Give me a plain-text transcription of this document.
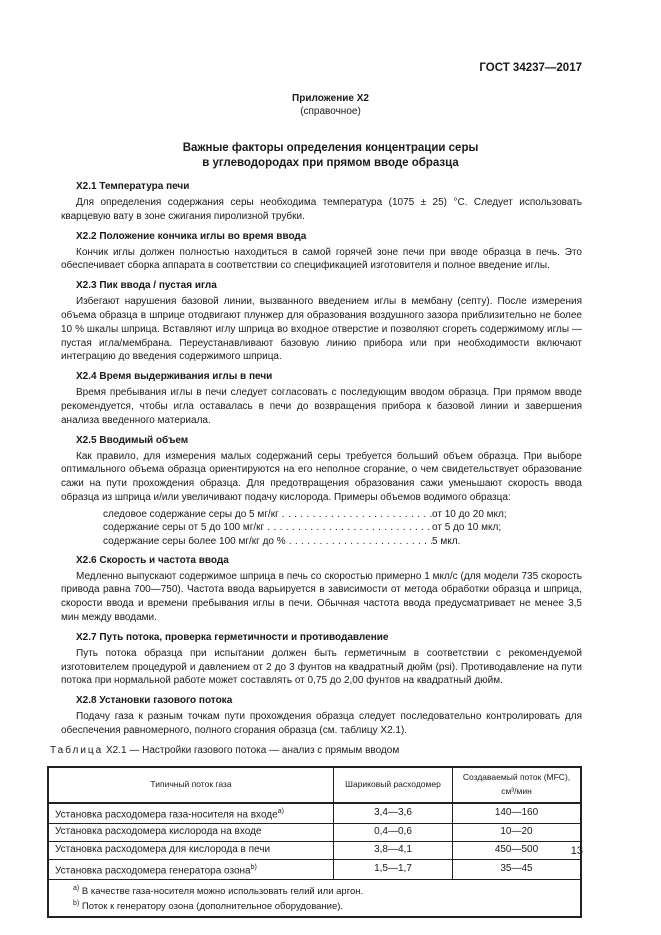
ГОСТ 34237—2017
Приложение Х2
(справочное)
Важные факторы определения концентрации серы
в углеводородах при прямом вводе образца
Х2.1 Температура печи

Для определения содержания серы необходима температура (1075 ± 25) °С. Следует использовать кварцевую вату в зоне сжигания пиролизной трубки.

Х2.2 Положение кончика иглы во время ввода

Кончик иглы должен полностью находиться в самой горячей зоне печи при вводе образца в печь. Это обеспечивает сборка аппарата в соответствии со спецификацией изготовителя и полное введение иглы.

Х2.3 Пик ввода / пустая игла

Избегают нарушения базовой линии, вызванного введением иглы в мембану (септу). После измерения объема образца в шприце отодвигают плунжер для образования воздушного зазора приблизительно не более 10 % шкалы шприца. Вставляют иглу шприца во входное отверстие и позволяют сгореть содержимому иглы — пустая игла/мембрана. Переустанавливают базовую линию прибора или при необходимости включают интеграцию до введения содержимого шприца.

Х2.4 Время выдерживания иглы в печи

Время пребывания иглы в печи следует согласовать с последующим вводом образца. При прямом вводе рекомендуется, чтобы игла оставалась в печи до возвращения прибора к базовой линии и завершения анализа введенного материала.

Х2.5 Вводимый объем

Как правило, для измерения малых содержаний серы требуется больший объем образца. При выборе оптимального объема образца ориентируются на его неполное сгорание, о чем свидетельствует образование сажи на пути прохождения образца. Для предотвращения образования сажи уменьшают скорость ввода образца из шприца и/или увеличивают подачу кислорода. Примеры объемов водимого образца:

следовое содержание серы до 5 мг/кг . . .	от 10 до 20 мкл;
содержание серы от 5 до 100 мг/кг . . .	от 5 до 10 мкл;
содержание серы более 100 мг/кг до % . . .	5 мкл.
Х2.6 Скорость и частота ввода

Медленно выпускают содержимое шприца в печь со скоростью примерно 1 мкл/с (для модели 735 скорость привода равна 700—750). Частота ввода варьируется в зависимости от метода обработки образца и шприца, скорости ввода и времени пребывания иглы в печи. Обычная частота ввода предусматривает не менее 3,5 мин между вводами.

Х2.7 Путь потока, проверка герметичности и противодавление

Путь потока образца при испытании должен быть герметичным в соответствии с рекомендуемой изготовителем процедурой и давлением от 2 до 3 фунтов на квадратный дюйм (psi). Противодавление на пути потока при нормальной работе может составлять от 0,75 до 2,00 фунтов на квадратный дюйм.

Х2.8 Установки газового потока

Подачу газа к разным точкам пути прохождения образца следует последовательно контролировать для обеспечения равномерного, полного сгорания образца (см. таблицу Х2.1).

Таблица Х2.1 — Настройки газового потока — анализ с прямым вводом
Типичный поток газа	Шариковый расходомер	Создаваемый поток (MFC),
см³/мин

Установка расходомера газа-носителя на входе$^{а)}$	3,4—3,6	140—160
Установка расходомера кислорода на входе	0,4—0,6	10—20
Установка расходомера для кислорода в печи	3,8—4,1	450—500
Установка расходомера генератора озона$^{b)}$	1,5—1,7	35—45

$^{а)}$ В качестве газа-носителя можно использовать гелий или аргон.
$^{b)}$ Поток к генератору озона (дополнительное оборудование).		
13
